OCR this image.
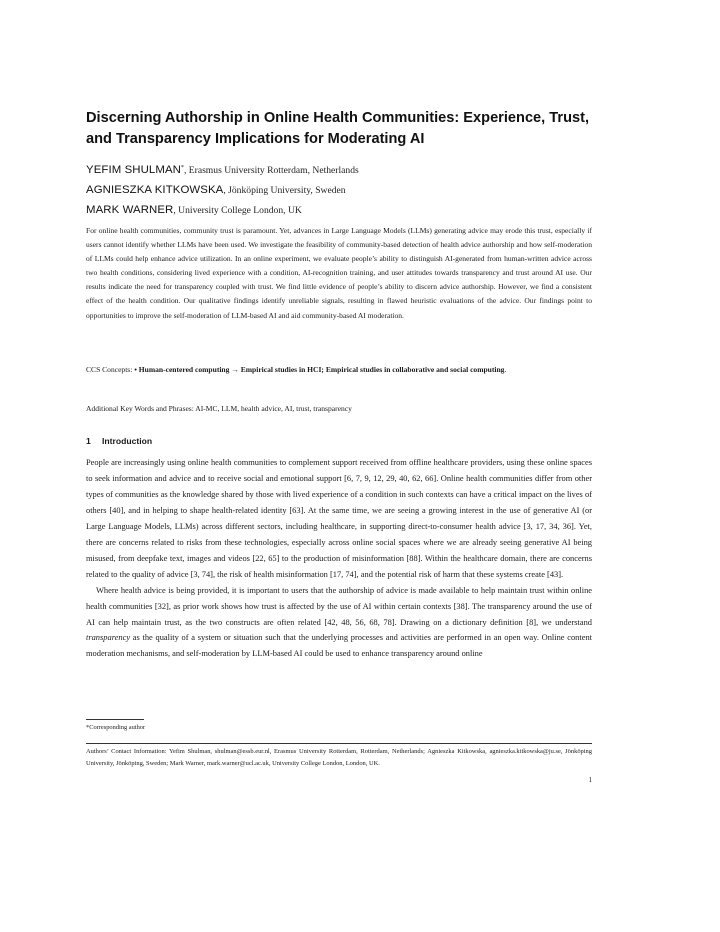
Discerning Authorship in Online Health Communities: Experience, Trust, and Transparency Implications for Moderating AI
YEFIM SHULMAN*, Erasmus University Rotterdam, Netherlands
AGNIESZKA KITKOWSKA, Jönköping University, Sweden
MARK WARNER, University College London, UK

For online health communities, community trust is paramount. Yet, advances in Large Language Models (LLMs) generating advice may erode this trust, especially if users cannot identify whether LLMs have been used. We investigate the feasibility of community-based detection of health advice authorship and how self-moderation of LLMs could help enhance advice utilization. In an online experiment, we evaluate people’s ability to distinguish AI-generated from human-written advice across two health conditions, considering lived experience with a condition, AI-recognition training, and user attitudes towards transparency and trust around AI use. Our results indicate the need for transparency coupled with trust. We find little evidence of people’s ability to discern advice authorship. However, we find a consistent effect of the health condition. Our qualitative findings identify unreliable signals, resulting in flawed heuristic evaluations of the advice. Our findings point to opportunities to improve the self-moderation of LLM-based AI and aid community-based AI moderation.

CCS Concepts: • Human-centered computing → Empirical studies in HCI; Empirical studies in collaborative and social computing.

Additional Key Words and Phrases: AI-MC, LLM, health advice, AI, trust, transparency

1 Introduction

People are increasingly using online health communities to complement support received from offline healthcare providers, using these online spaces to seek information and advice and to receive social and emotional support [6, 7, 9, 12, 29, 40, 62, 66]. Online health communities differ from other types of communities as the knowledge shared by those with lived experience of a condition in such contexts can have a critical impact on the lives of others [40], and in helping to shape health-related identity [63]. At the same time, we are seeing a growing interest in the use of generative AI (or Large Language Models, LLMs) across different sectors, including healthcare, in supporting direct-to-consumer health advice [3, 17, 34, 36]. Yet, there are concerns related to risks from these technologies, especially across online social spaces where we are already seeing generative AI being misused, from deepfake text, images and videos [22, 65] to the production of misinformation [88]. Within the healthcare domain, there are concerns related to the quality of advice [3, 74], the risk of health misinformation [17, 74], and the potential risk of harm that these systems create [43].

Where health advice is being provided, it is important to users that the authorship of advice is made available to help maintain trust within online health communities [32], as prior work shows how trust is affected by the use of AI within certain contexts [38]. The transparency around the use of AI can help maintain trust, as the two constructs are often related [42, 48, 56, 68, 78]. Drawing on a dictionary definition [8], we understand transparency as the quality of a system or situation such that the underlying processes and activities are performed in an open way. Online content moderation mechanisms, and self-moderation by LLM-based AI could be used to enhance transparency around online

*Corresponding author

Authors’ Contact Information: Yefim Shulman, shulman@essb.eur.nl, Erasmus University Rotterdam, Rotterdam, Netherlands; Agnieszka Kitkowska, agnieszka.kitkowska@ju.se, Jönköping University, Jönköping, Sweden; Mark Warner, mark.warner@ucl.ac.uk, University College London, London, UK.

1
